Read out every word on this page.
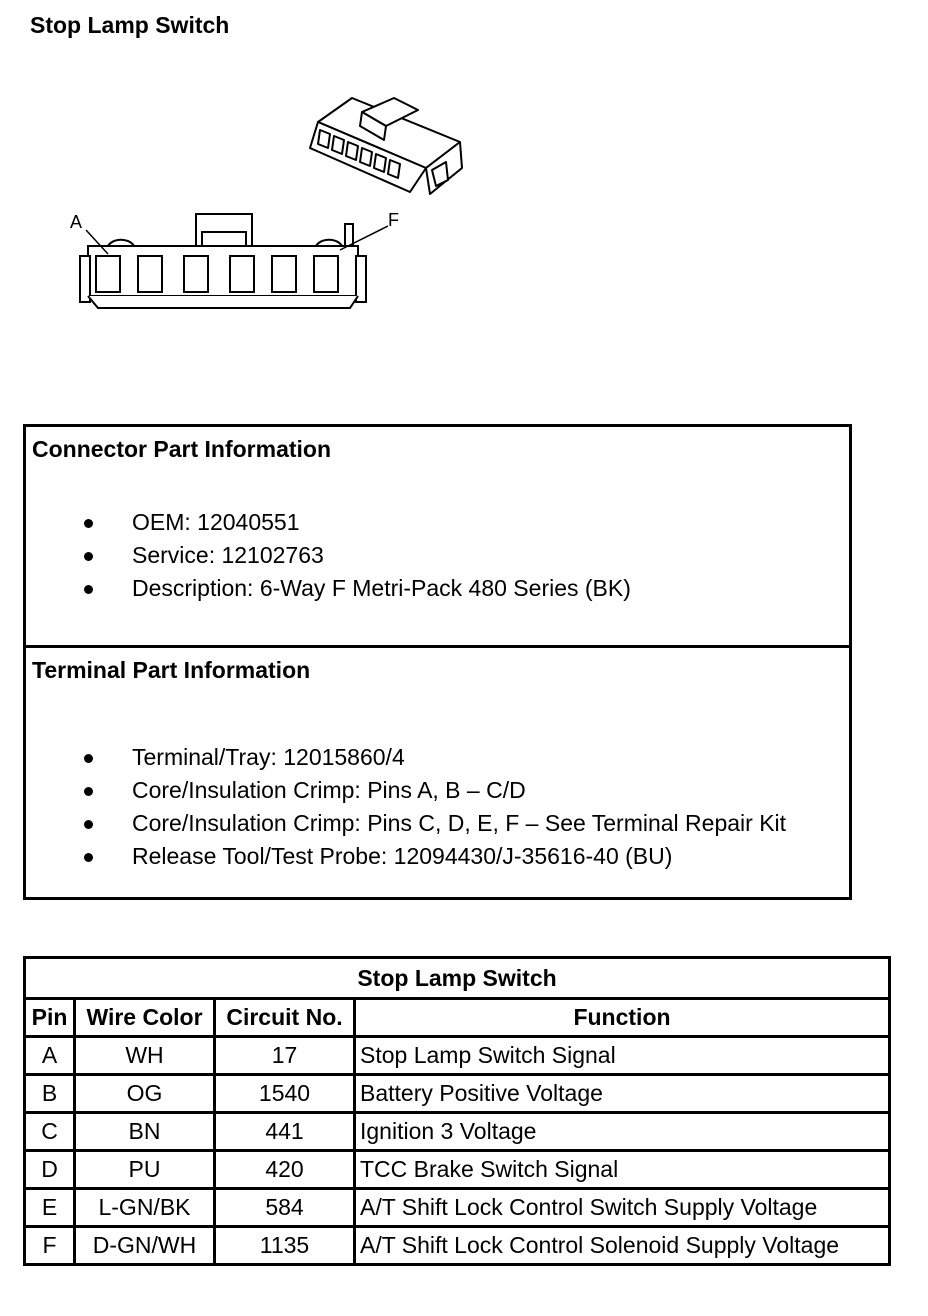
Stop Lamp Switch
A	F
Connector Part Information
OEM: 12040551
Service: 12102763
Description: 6-Way F Metri-Pack 480 Series (BK)
Terminal Part Information
Terminal/Tray: 12015860/4
Core/Insulation Crimp: Pins A, B – C/D
Core/Insulation Crimp: Pins C, D, E, F – See Terminal Repair Kit
Release Tool/Test Probe: 12094430/J-35616-40 (BU)
Stop Lamp Switch			
Pin	Wire Color	Circuit No.	Function
A	WH	17	Stop Lamp Switch Signal
B	OG	1540	Battery Positive Voltage
C	BN	441	Ignition 3 Voltage
D	PU	420	TCC Brake Switch Signal
E	L-GN/BK	584	A/T Shift Lock Control Switch Supply Voltage
F	D-GN/WH	1135	A/T Shift Lock Control Solenoid Supply Voltage
